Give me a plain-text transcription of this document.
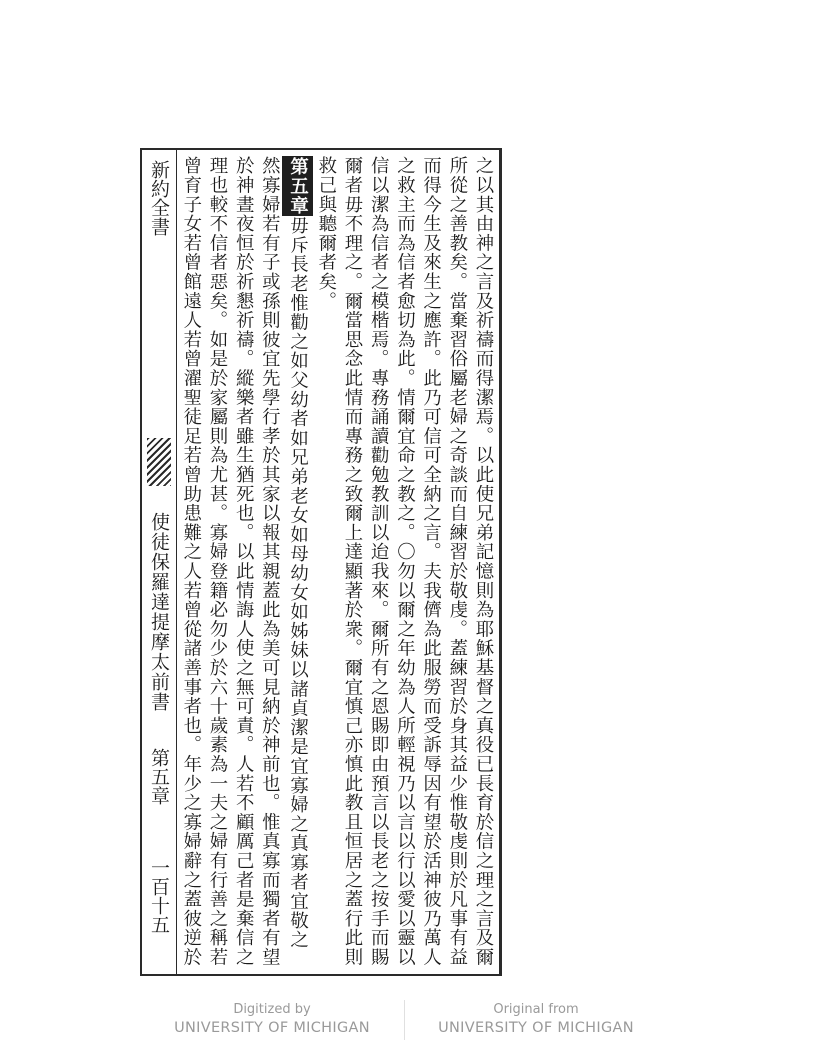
新約全書
使徒保羅達提摩太前書
第五章
一百十五	之以其由神之言及祈禱而得潔焉。以此使兄弟記憶則為耶穌基督之真役已長育於信之理之言及爾所從之善教矣。當棄習俗屬老婦之奇談而自練習於敬虔。蓋練習於身其益少惟敬虔則於凡事有益而得今生及來生之應許。此乃可信可全納之言。夫我儕為此服勞而受訴辱因有望於活神彼乃萬人之救主而為信者愈切為此。情爾宜命之教之。〇勿以爾之年幼為人所輕視乃以言以行以愛以靈以信以潔為信者之模楷焉。專務誦讀勸勉教訓以迨我來。爾所有之恩賜即由預言以長老之按手而賜爾者毋不理之。爾當思念此情而專務之致爾上達顯著於衆。爾宜慎己亦慎此教且恒居之蓋行此則救己與聽爾者矣。
第五章毋斥長老惟勸之如父幼者如兄弟老女如母幼女如姊妹以諸貞潔是宜寡婦之真寡者宜敬之然寡婦若有子或孫則彼宜先學行孝於其家以報其親蓋此為美可見納於神前也。惟真寡而獨者有望於神晝夜恒於祈懇祈禱。縱樂者雖生猶死也。以此情誨人使之無可責。人若不顧厲己者是棄信之理也較不信者惡矣。如是於家屬則為尤甚。寡婦登籍必勿少於六十歲素為一夫之婦有行善之稱若曾育子女若曾館遠人若曾濯聖徒足若曾助患難之人若曾從諸善事者也。年少之寡婦辭之蓋彼逆於
Digitized by
UNIVERSITY OF MICHIGAN
Original from
UNIVERSITY OF MICHIGAN
